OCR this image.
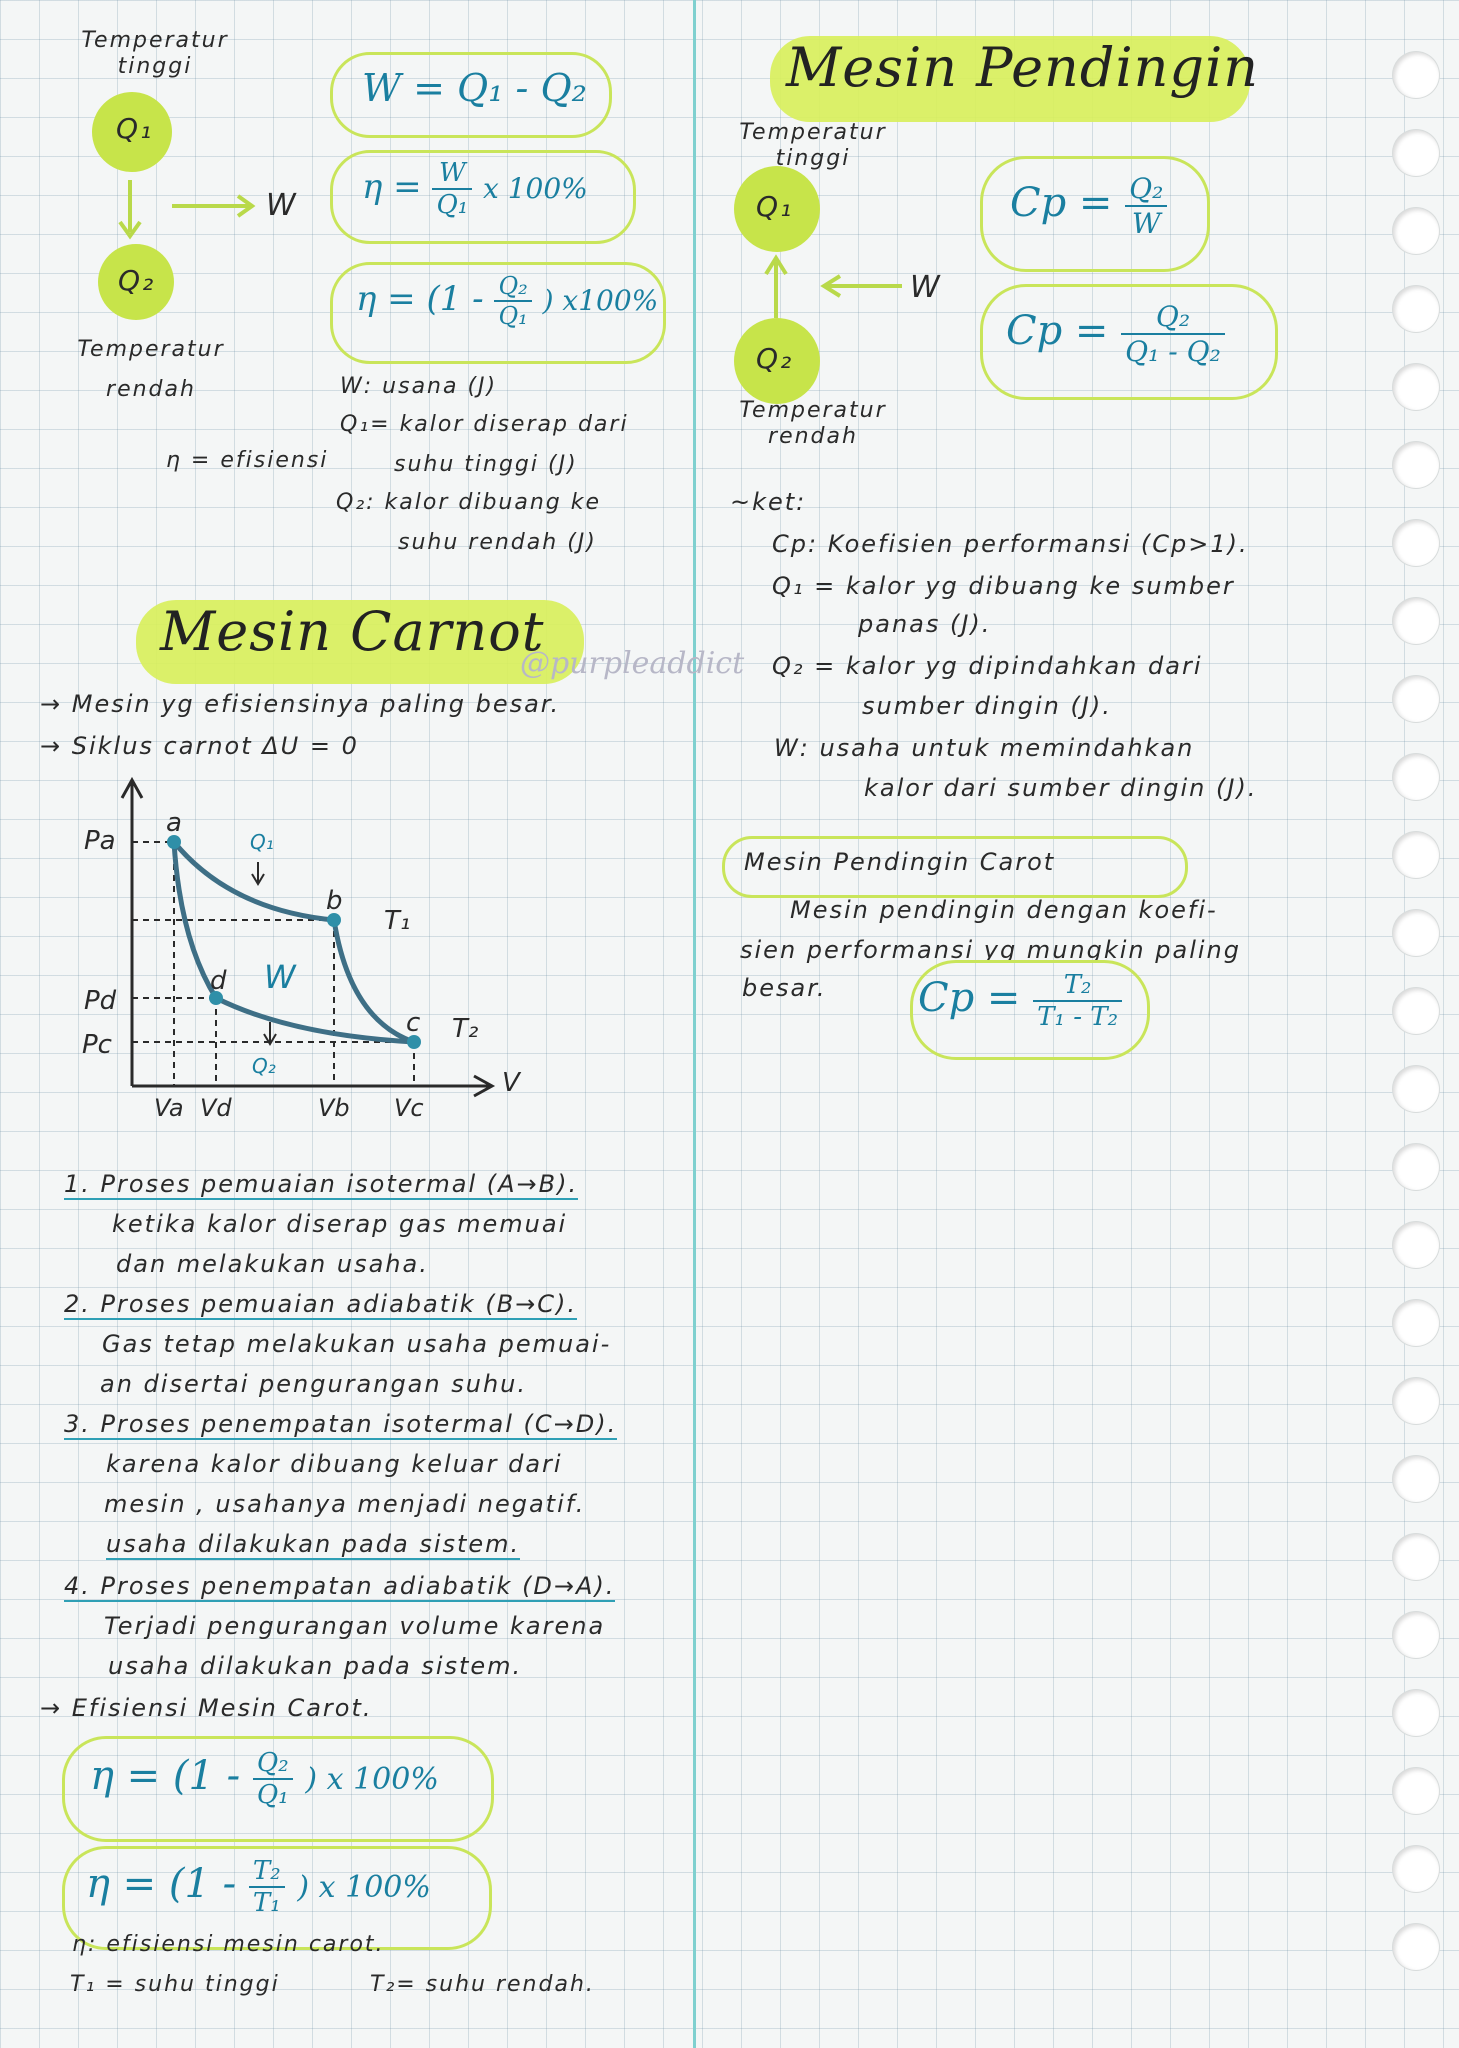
Temperatur tinggi
Q₁
Q₂
W
Temperatur rendah
η = efisiensi
W = Q₁ - Q₂
$\eta = \frac{W}{\text{Q₁}}$ x 100%
$\eta = (1 - \frac{\text{Q₂}}{\text{Q₁}}$ ) x100%
W: usana (J)
Q₁= kalor diserap dari
suhu tinggi (J)
Q₂: kalor dibuang ke
suhu rendah (J)
Mesin Carnot
@purpleaddict
→ Mesin yg efisiensinya paling besar.
→ Siklus carnot ΔU = 0
Pa
Pd
Pc
Va Vd	Vb Vc
V
a
b
c
d
T₁
T₂
Q₁
Q₂
W
1. Proses pemuaian isotermal (A→B).
ketika kalor diserap gas memuai
dan melakukan usaha.
2. Proses pemuaian adiabatik (B→C).
Gas tetap melakukan usaha pemuai-
an disertai pengurangan suhu.
3. Proses penempatan isotermal (C→D).
karena kalor dibuang keluar dari
mesin , usahanya menjadi negatif.
usaha dilakukan pada sistem.
4. Proses penempatan adiabatik (D→A).
Terjadi pengurangan volume karena
usaha dilakukan pada sistem.
→ Efisiensi Mesin Carot.
$\eta = (1 - \frac{\text{Q₂}}{\text{Q₁}}$ ) x 100%
$\eta = (1 - \frac{\text{T₂}}{\text{T₁}}$ ) x 100%
η: efisiensi mesin carot.
T₁ = suhu tinggi	T₂= suhu rendah.
Mesin Pendingin
Temperatur tinggi
Q₁
Q₂
W
Temperatur rendah
$Cp = \frac{\text{Q₂}}{W}$
$Cp = \frac{\text{Q₂}}{\text{Q₁ - Q₂}}$
~ket:
Cp: Koefisien performansi (Cp>1).
Q₁ = kalor yg dibuang ke sumber
panas (J).
Q₂ = kalor yg dipindahkan dari
sumber dingin (J).
W: usaha untuk memindahkan
kalor dari sumber dingin (J).
Mesin Pendingin Carot
Mesin pendingin dengan koefi-
sien performansi yg mungkin paling
besar. $Cp = \frac{\text{T₂}}{\text{T₁ - T₂}}$
